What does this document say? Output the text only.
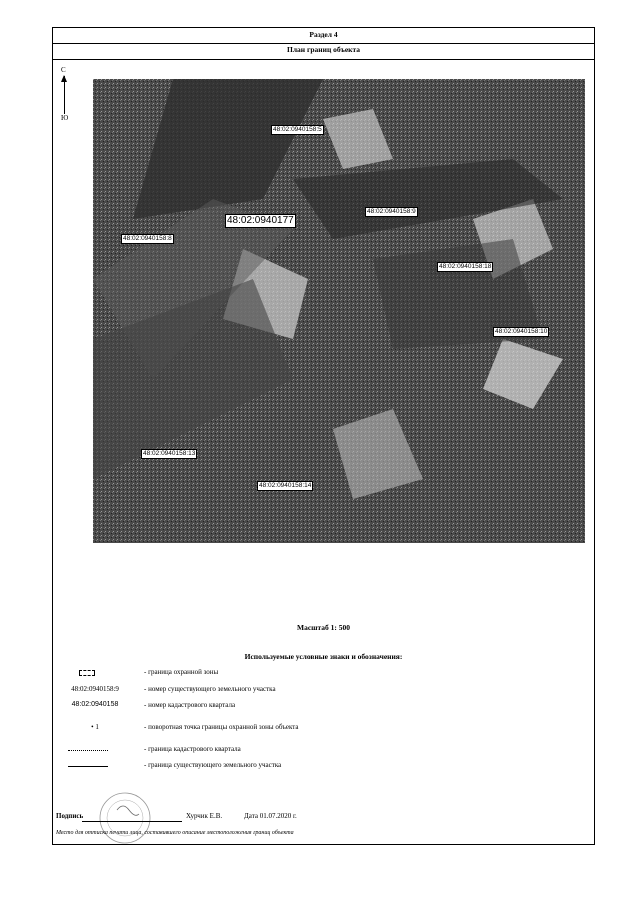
Раздел 4
План границ объекта
С
Ю
48:02:0940158:5
48:02:0940177
48:02:0940158:9
48:02:0940158:8
48:02:0940158:18
48:02:0940158:10
48:02:0940158:13
48:02:0940158:14
Масштаб 1: 500
Используемые условные знаки и обозначения:
- граница охранной зоны
48:02:0940158:9	- номер существующего земельного участка
48:02:0940158	- номер кадастрового квартала
• 1	- поворотная точка границы охранной зоны объекта
- граница кадастрового квартала
- граница существующего земельного участка
Подпись	Хурчик Е.В.	Дата 01.07.2020 г.
Место для оттиска печати лица, составившего описание местоположения границ объекта
